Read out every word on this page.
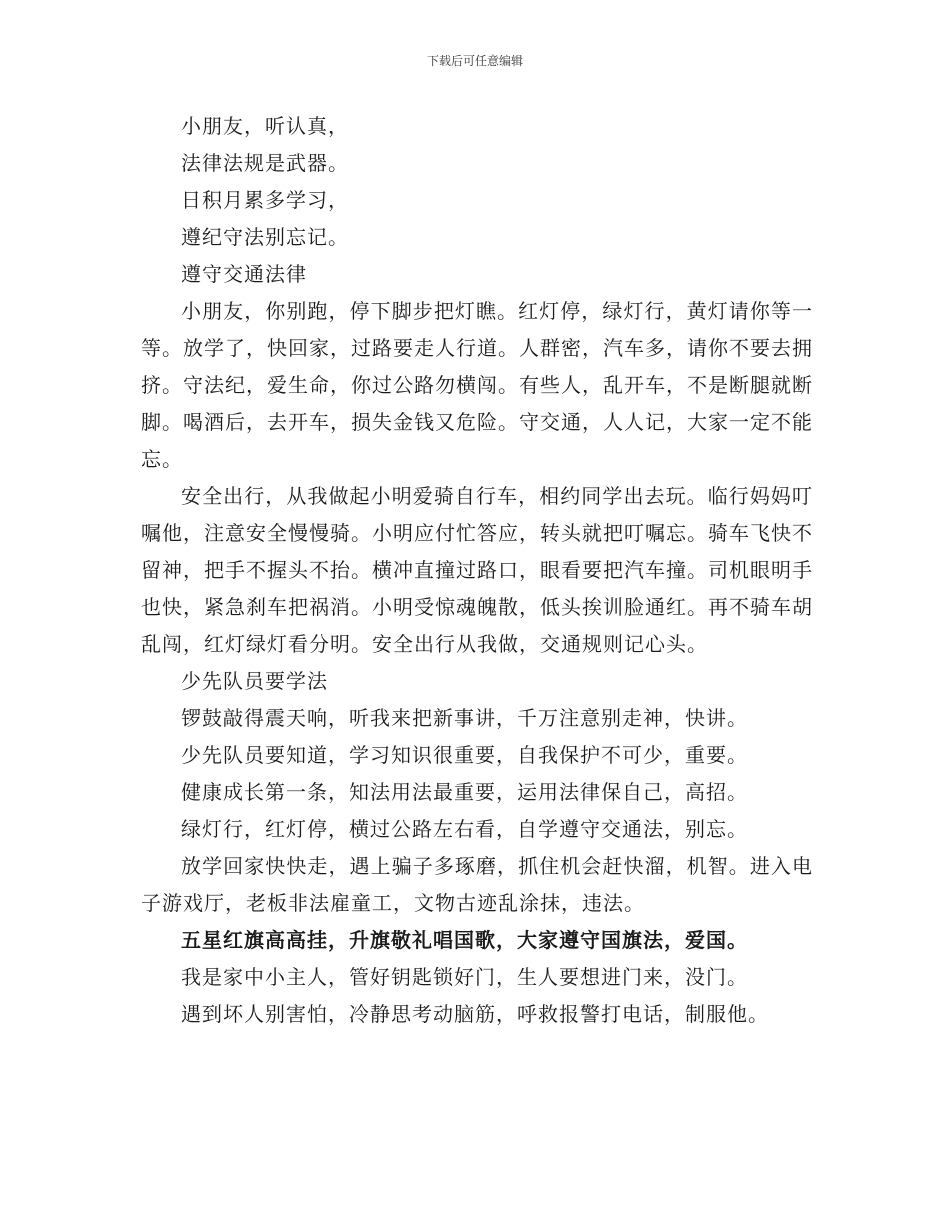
下载后可任意编辑

小朋友，听认真，

法律法规是武器。

日积月累多学习，

遵纪守法别忘记。

遵守交通法律

小朋友，你别跑，停下脚步把灯瞧。红灯停，绿灯行，黄灯请你等一等。放学了，快回家，过路要走人行道。人群密，汽车多，请你不要去拥挤。守法纪，爱生命，你过公路勿横闯。有些人，乱开车，不是断腿就断脚。喝酒后，去开车，损失金钱又危险。守交通，人人记，大家一定不能忘。

安全出行，从我做起小明爱骑自行车，相约同学出去玩。临行妈妈叮嘱他，注意安全慢慢骑。小明应付忙答应，转头就把叮嘱忘。骑车飞快不留神，把手不握头不抬。横冲直撞过路口，眼看要把汽车撞。司机眼明手也快，紧急刹车把祸消。小明受惊魂魄散，低头挨训脸通红。再不骑车胡乱闯，红灯绿灯看分明。安全出行从我做，交通规则记心头。

少先队员要学法

锣鼓敲得震天响，听我来把新事讲，千万注意别走神，快讲。

少先队员要知道，学习知识很重要，自我保护不可少，重要。

健康成长第一条，知法用法最重要，运用法律保自己，高招。

绿灯行，红灯停，横过公路左右看，自学遵守交通法，别忘。

放学回家快快走，遇上骗子多琢磨，抓住机会赶快溜，机智。进入电子游戏厅，老板非法雇童工，文物古迹乱涂抹，违法。

五星红旗高高挂，升旗敬礼唱国歌，大家遵守国旗法，爱国。

我是家中小主人，管好钥匙锁好门，生人要想进门来，没门。

遇到坏人别害怕，冷静思考动脑筋，呼救报警打电话，制服他。
